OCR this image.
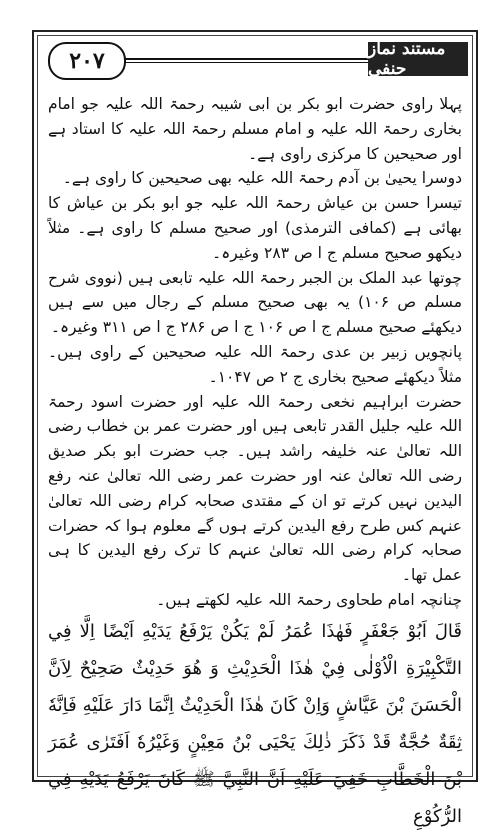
۲۰۷	مستند نماز حنفی

پہلا راوی حضرت ابو بکر بن ابی شیبہ رحمۃ اللہ علیہ جو امام بخاری رحمۃ اللہ علیہ و امام مسلم رحمۃ اللہ علیہ کا استاد ہے اور صحیحین کا مرکزی راوی ہے۔

دوسرا یحییٰ بن آدم رحمۃ اللہ علیہ بھی صحیحین کا راوی ہے۔

تیسرا حسن بن عیاش رحمۃ اللہ علیہ جو ابو بکر بن عیاش کا بھائی ہے (کمافی الترمذی) اور صحیح مسلم کا راوی ہے۔ مثلاً دیکھو صحیح مسلم ج ا ص ۲۸۳ وغیرہ۔

چوتھا عبد الملک بن الجبر رحمۃ اللہ علیہ تابعی ہیں (نووی شرح مسلم ص ۱۰۶) یہ بھی صحیح مسلم کے رجال میں سے ہیں دیکھئے صحیح مسلم ج ا ص ۱۰۶ ج ا ص ۲۸۶ ج ا ص ۳۱۱ وغیرہ۔

پانچویں زبیر بن عدی رحمۃ اللہ علیہ صحیحین کے راوی ہیں۔ مثلاً دیکھئے صحیح بخاری ج ۲ ص ۱۰۴۷۔

حضرت ابراہیم نخعی رحمۃ اللہ علیہ اور حضرت اسود رحمۃ اللہ علیہ جلیل القدر تابعی ہیں اور حضرت عمر بن خطاب رضی اللہ تعالیٰ عنہ خلیفہ راشد ہیں۔ جب حضرت ابو بکر صدیق رضی اللہ تعالیٰ عنہ اور حضرت عمر رضی اللہ تعالیٰ عنہ رفع الیدین نہیں کرتے تو ان کے مقتدی صحابہ کرام رضی اللہ تعالیٰ عنہم کس طرح رفع الیدین کرتے ہوں گے معلوم ہوا کہ حضرات صحابہ کرام رضی اللہ تعالیٰ عنہم کا ترک رفع الیدین کا ہی عمل تھا۔

چنانچہ امام طحاوی رحمۃ اللہ علیہ لکھتے ہیں۔

قَالَ اَبُوْ جَعْفَرٍ فَهٰذَا عُمَرُ لَمْ يَكُنْ يَرْفَعُ يَدَيْهِ اَيْضًا اِلَّا فِي التَّكْبِيْرَةِ الْاُوْلٰى فِيْ هٰذَا الْحَدِيْثِ وَ هُوَ حَدِيْثٌ صَحِيْحٌ لِاَنَّ الْحَسَنَ بْنَ عَيَّاشٍ وَاِنْ كَانَ هٰذَا الْحَدِيْثُ اِنَّمَا دَارَ عَلَيْهِ فَاِنَّهٗ ثِقَةٌ حُجَّةٌ قَدْ ذَكَرَ ذٰلِكَ يَحْيَى بْنُ مَعِيْنٍ وَغَيْرُهٗ اَفَتَرٰى عُمَرَ بْنَ الْخَطَّابِ خَفِيَ عَلَيْهِ اَنَّ النَّبِيَّ ﷺ كَانَ يَرْفَعُ يَدَيْهِ فِي الرُّكُوْعِ
